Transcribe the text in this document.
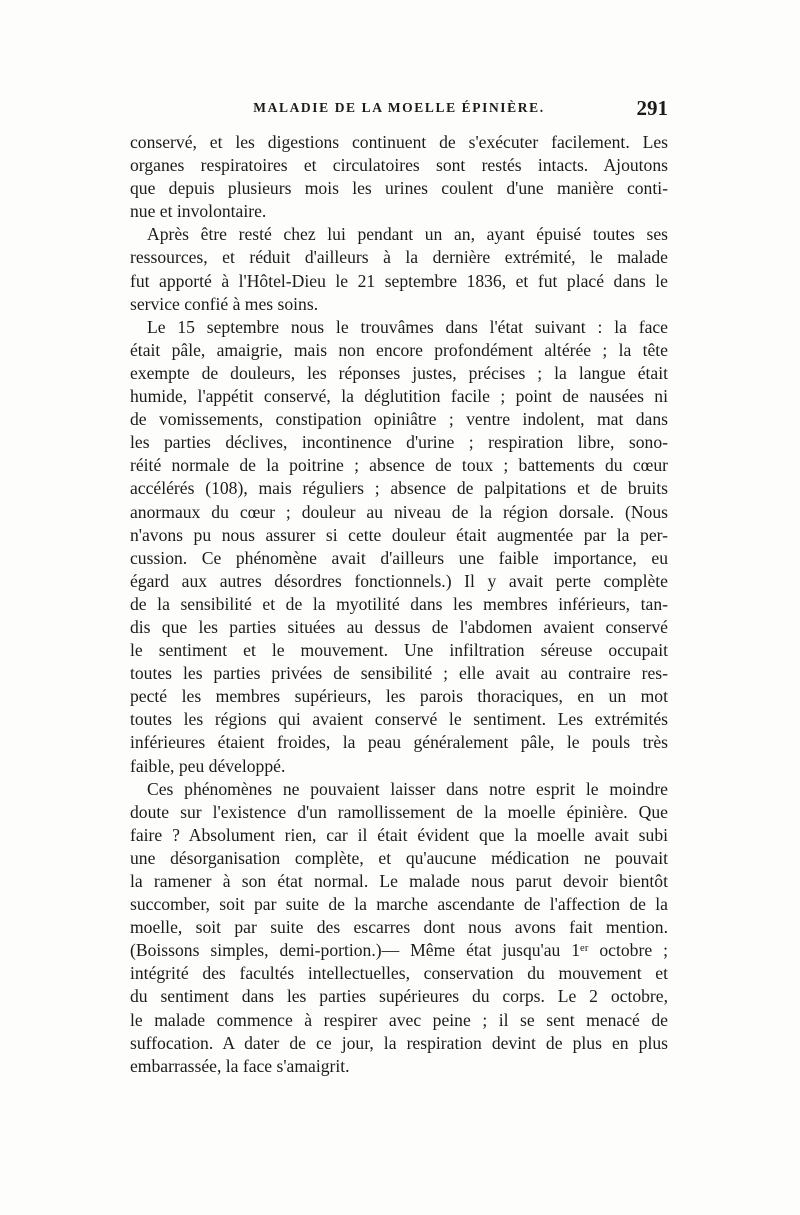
MALADIE DE LA MOELLE ÉPINIÈRE.	291
conservé, et les digestions continuent de s'exécuter facilement. Les
organes respiratoires et circulatoires sont restés intacts. Ajoutons
que depuis plusieurs mois les urines coulent d'une manière conti-
nue et involontaire.
Après être resté chez lui pendant un an, ayant épuisé toutes ses
ressources, et réduit d'ailleurs à la dernière extrémité, le malade
fut apporté à l'Hôtel-Dieu le 21 septembre 1836, et fut placé dans le
service confié à mes soins.
Le 15 septembre nous le trouvâmes dans l'état suivant : la face
était pâle, amaigrie, mais non encore profondément altérée ; la tête
exempte de douleurs, les réponses justes, précises ; la langue était
humide, l'appétit conservé, la déglutition facile ; point de nausées ni
de vomissements, constipation opiniâtre ; ventre indolent, mat dans
les parties déclives, incontinence d'urine ; respiration libre, sono-
réité normale de la poitrine ; absence de toux ; battements du cœur
accélérés (108), mais réguliers ; absence de palpitations et de bruits
anormaux du cœur ; douleur au niveau de la région dorsale. (Nous
n'avons pu nous assurer si cette douleur était augmentée par la per-
cussion. Ce phénomène avait d'ailleurs une faible importance, eu
égard aux autres désordres fonctionnels.) Il y avait perte complète
de la sensibilité et de la myotilité dans les membres inférieurs, tan-
dis que les parties situées au dessus de l'abdomen avaient conservé
le sentiment et le mouvement. Une infiltration séreuse occupait
toutes les parties privées de sensibilité ; elle avait au contraire res-
pecté les membres supérieurs, les parois thoraciques, en un mot
toutes les régions qui avaient conservé le sentiment. Les extrémités
inférieures étaient froides, la peau généralement pâle, le pouls très
faible, peu développé.
Ces phénomènes ne pouvaient laisser dans notre esprit le moindre
doute sur l'existence d'un ramollissement de la moelle épinière. Que
faire ? Absolument rien, car il était évident que la moelle avait subi
une désorganisation complète, et qu'aucune médication ne pouvait
la ramener à son état normal. Le malade nous parut devoir bientôt
succomber, soit par suite de la marche ascendante de l'affection de la
moelle, soit par suite des escarres dont nous avons fait mention.
(Boissons simples, demi-portion.)— Même état jusqu'au 1ᵉʳ octobre ;
intégrité des facultés intellectuelles, conservation du mouvement et
du sentiment dans les parties supérieures du corps. Le 2 octobre,
le malade commence à respirer avec peine ; il se sent menacé de
suffocation. A dater de ce jour, la respiration devint de plus en plus
embarrassée, la face s'amaigrit.
